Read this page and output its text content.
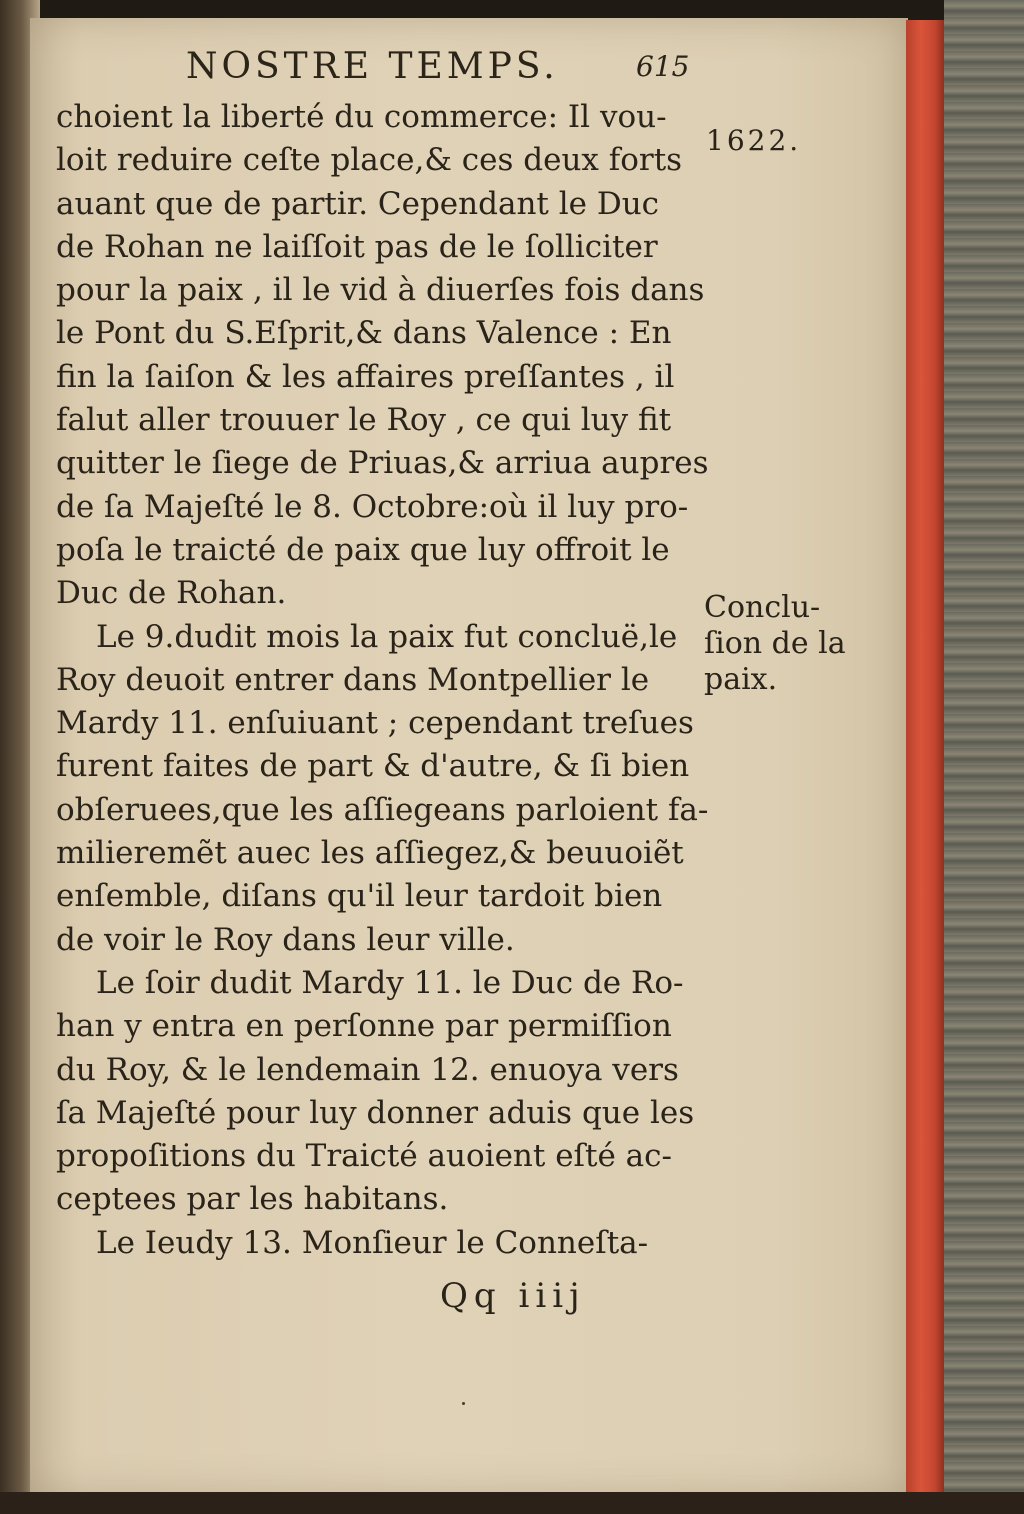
NOSTRE TEMPS.	615
1622.
Conclu-
ſion de la
paix.
choient la liberté du commerce: Il vou-
loit reduire ceſte place,& ces deux forts
auant que de partir. Cependant le Duc
de Rohan ne laiſſoit pas de le ſolliciter
pour la paix , il le vid à diuerſes fois dans
le Pont du S.Eſprit,& dans Valence : En
fin la ſaiſon & les affaires preſſantes , il
falut aller trouuer le Roy , ce qui luy fit
quitter le ſiege de Priuas,& arriua aupres
de ſa Majeſté le 8. Octobre:où il luy pro-
poſa le traicté de paix que luy offroit le
Duc de Rohan.
Le 9.dudit mois la paix fut concluë,le
Roy deuoit entrer dans Montpellier le
Mardy 11. enſuiuant ; cependant treſues
furent faites de part & d'autre, & ſi bien
obſeruees,que les aſſiegeans parloient fa-
milieremẽt auec les aſſiegez,& beuuoiẽt
enſemble, diſans qu'il leur tardoit bien
de voir le Roy dans leur ville.
Le ſoir dudit Mardy 11. le Duc de Ro-
han y entra en perſonne par permiſſion
du Roy, & le lendemain 12. enuoya vers
ſa Majeſté pour luy donner aduis que les
propoſitions du Traicté auoient eſté ac-
ceptees par les habitans.
Le Ieudy 13. Monſieur le Conneſta-
Qq iiij
